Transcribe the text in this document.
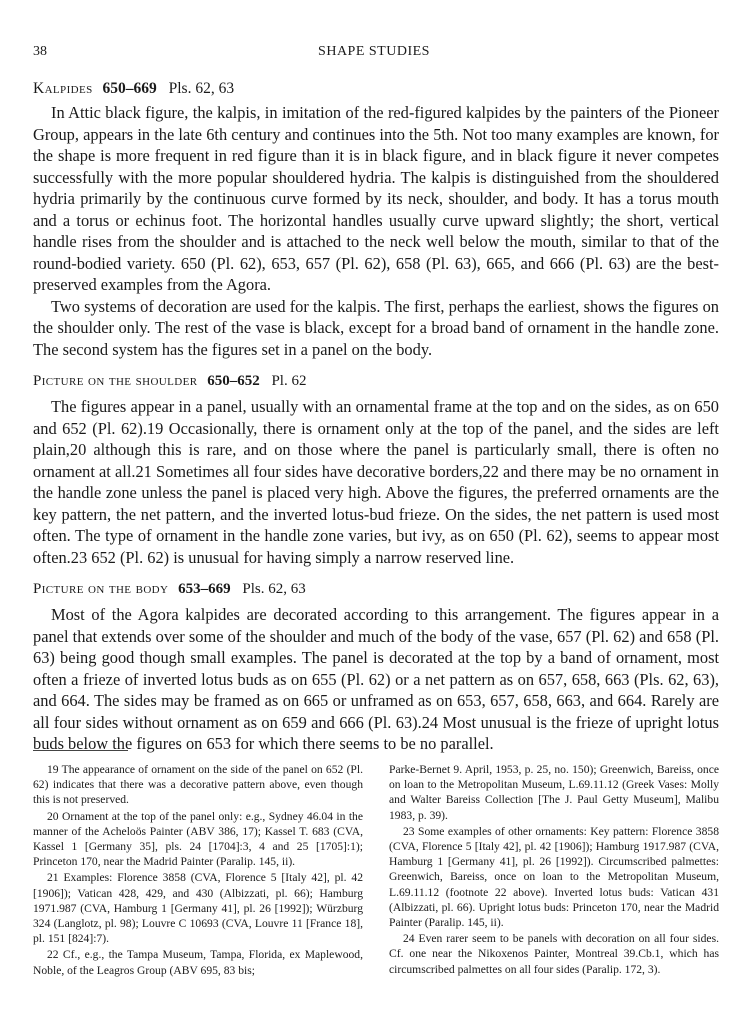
38	SHAPE STUDIES
Kalpides 650–669 Pls. 62, 63

In Attic black figure, the kalpis, in imitation of the red-figured kalpides by the painters of the Pioneer Group, appears in the late 6th century and continues into the 5th. Not too many examples are known, for the shape is more frequent in red figure than it is in black figure, and in black figure it never competes successfully with the more popular shouldered hydria. The kalpis is distinguished from the shouldered hydria primarily by the continuous curve formed by its neck, shoulder, and body. It has a torus mouth and a torus or echinus foot. The horizontal handles usually curve upward slightly; the short, vertical handle rises from the shoulder and is attached to the neck well below the mouth, similar to that of the round-bodied variety. 650 (Pl. 62), 653, 657 (Pl. 62), 658 (Pl. 63), 665, and 666 (Pl. 63) are the best-preserved examples from the Agora.

Two systems of decoration are used for the kalpis. The first, perhaps the earliest, shows the figures on the shoulder only. The rest of the vase is black, except for a broad band of ornament in the handle zone. The second system has the figures set in a panel on the body.

Picture on the shoulder 650–652 Pl. 62

The figures appear in a panel, usually with an ornamental frame at the top and on the sides, as on 650 and 652 (Pl. 62).19 Occasionally, there is ornament only at the top of the panel, and the sides are left plain,20 although this is rare, and on those where the panel is particularly small, there is often no ornament at all.21 Sometimes all four sides have decorative borders,22 and there may be no ornament in the handle zone unless the panel is placed very high. Above the figures, the preferred ornaments are the key pattern, the net pattern, and the inverted lotus-bud frieze. On the sides, the net pattern is used most often. The type of ornament in the handle zone varies, but ivy, as on 650 (Pl. 62), seems to appear most often.23 652 (Pl. 62) is unusual for having simply a narrow reserved line.

Picture on the body 653–669 Pls. 62, 63

Most of the Agora kalpides are decorated according to this arrangement. The figures appear in a panel that extends over some of the shoulder and much of the body of the vase, 657 (Pl. 62) and 658 (Pl. 63) being good though small examples. The panel is decorated at the top by a band of ornament, most often a frieze of inverted lotus buds as on 655 (Pl. 62) or a net pattern as on 657, 658, 663 (Pls. 62, 63), and 664. The sides may be framed as on 665 or unframed as on 653, 657, 658, 663, and 664. Rarely are all four sides without ornament as on 659 and 666 (Pl. 63).24 Most unusual is the frieze of upright lotus buds below the figures on 653 for which there seems to be no parallel.

19 The appearance of ornament on the side of the panel on 652 (Pl. 62) indicates that there was a decorative pattern above, even though this is not preserved.

20 Ornament at the top of the panel only: e.g., Sydney 46.04 in the manner of the Acheloös Painter (ABV 386, 17); Kassel T. 683 (CVA, Kassel 1 [Germany 35], pls. 24 [1704]:3, 4 and 25 [1705]:1); Princeton 170, near the Madrid Painter (Paralip. 145, ii).

21 Examples: Florence 3858 (CVA, Florence 5 [Italy 42], pl. 42 [1906]); Vatican 428, 429, and 430 (Albizzati, pl. 66); Hamburg 1971.987 (CVA, Hamburg 1 [Germany 41], pl. 26 [1992]); Würzburg 324 (Langlotz, pl. 98); Louvre C 10693 (CVA, Louvre 11 [France 18], pl. 151 [824]:7).

22 Cf., e.g., the Tampa Museum, Tampa, Florida, ex Maplewood, Noble, of the Leagros Group (ABV 695, 83 bis;

Parke-Bernet 9. April, 1953, p. 25, no. 150); Greenwich, Bareiss, once on loan to the Metropolitan Museum, L.69.11.12 (Greek Vases: Molly and Walter Bareiss Collection [The J. Paul Getty Museum], Malibu 1983, p. 39).

23 Some examples of other ornaments: Key pattern: Florence 3858 (CVA, Florence 5 [Italy 42], pl. 42 [1906]); Hamburg 1917.987 (CVA, Hamburg 1 [Germany 41], pl. 26 [1992]). Circumscribed palmettes: Greenwich, Bareiss, once on loan to the Metropolitan Museum, L.69.11.12 (footnote 22 above). Inverted lotus buds: Vatican 431 (Albizzati, pl. 66). Upright lotus buds: Princeton 170, near the Madrid Painter (Paralip. 145, ii).

24 Even rarer seem to be panels with decoration on all four sides. Cf. one near the Nikoxenos Painter, Montreal 39.Cb.1, which has circumscribed palmettes on all four sides (Paralip. 172, 3).
